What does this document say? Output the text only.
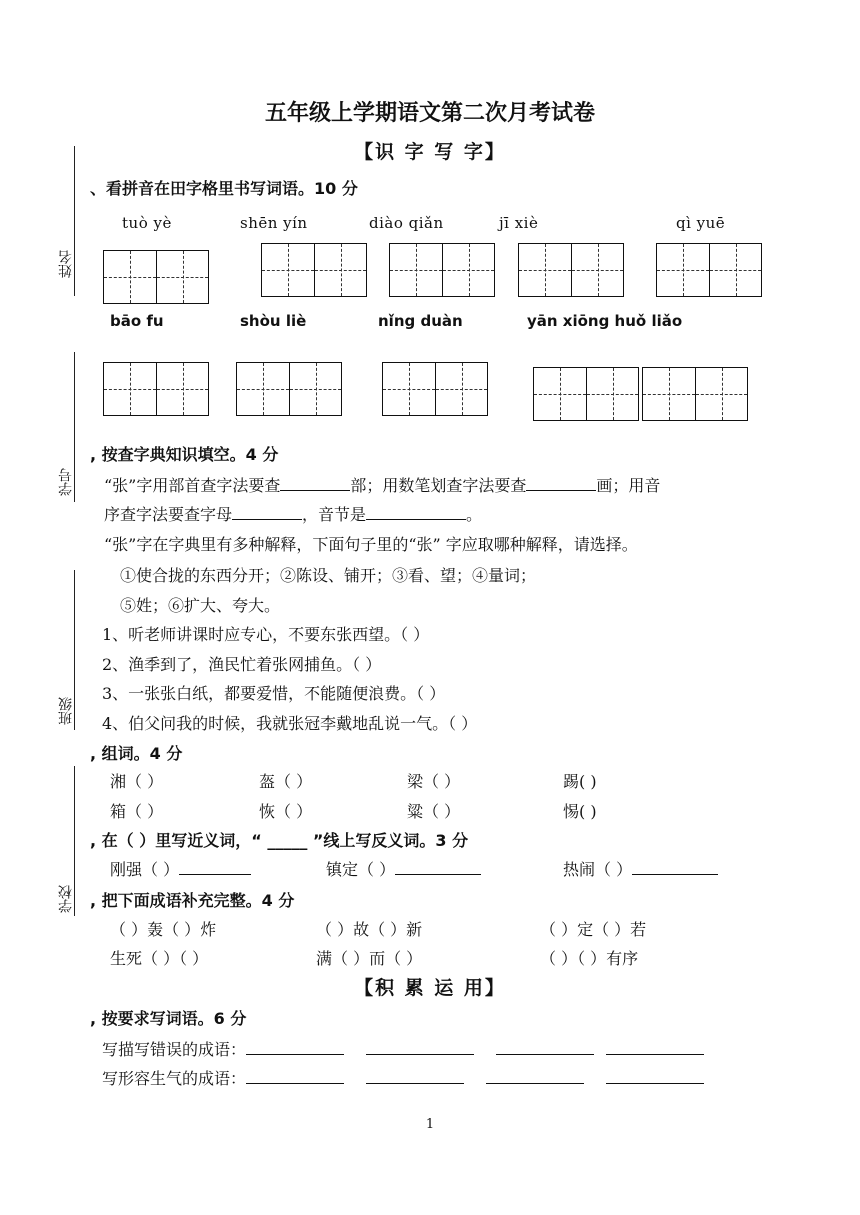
五年级上学期语文第二次月考试卷
【识 字 写 字】
姓名
学号
班级
学校
、看拼音在田字格里书写词语。10 分
tuò yè	shēn yín	diào qiǎn	jī xiè	qì yuē
bāo fu	shòu liè	nǐng duàn	yān xiōng huǒ liǎo
, 按查字典知识填空。4 分
“张”字用部首查字法要查	部；用数笔划查字法要查	画；用音
序查字法要查字母	，音节是	。
“张”字在字典里有多种解释，下面句子里的“张” 字应取哪种解释，请选择。
①使合拢的东西分开；②陈设、铺开；③看、望；④量词；
⑤姓；⑥扩大、夸大。
1、听老师讲课时应专心，不要东张西望。（ ）
2、渔季到了，渔民忙着张网捕鱼。（ ）
3、一张张白纸，都要爱惜，不能随便浪费。（ ）
4、伯父问我的时候，我就张冠李戴地乱说一气。（ ）
, 组词。4 分
湘（ ）	盔（ ）	梁（ ）	踢( )
箱（ ）	恢（ ）	粱（ ）	惕( )
, 在（ ）里写近义词，“ _____ ”线上写反义词。3 分
刚强（ ）	镇定（ ）	热闹（ ）
, 把下面成语补充完整。4 分
（ ）轰（ ）炸	（ ）故（ ）新	（ ）定（ ）若
生死（ ）（ ）	满（ ）而（ ）	（ ）（ ）有序
【积 累 运 用】
, 按要求写词语。6 分
写描写错误的成语：
写形容生气的成语：
1
